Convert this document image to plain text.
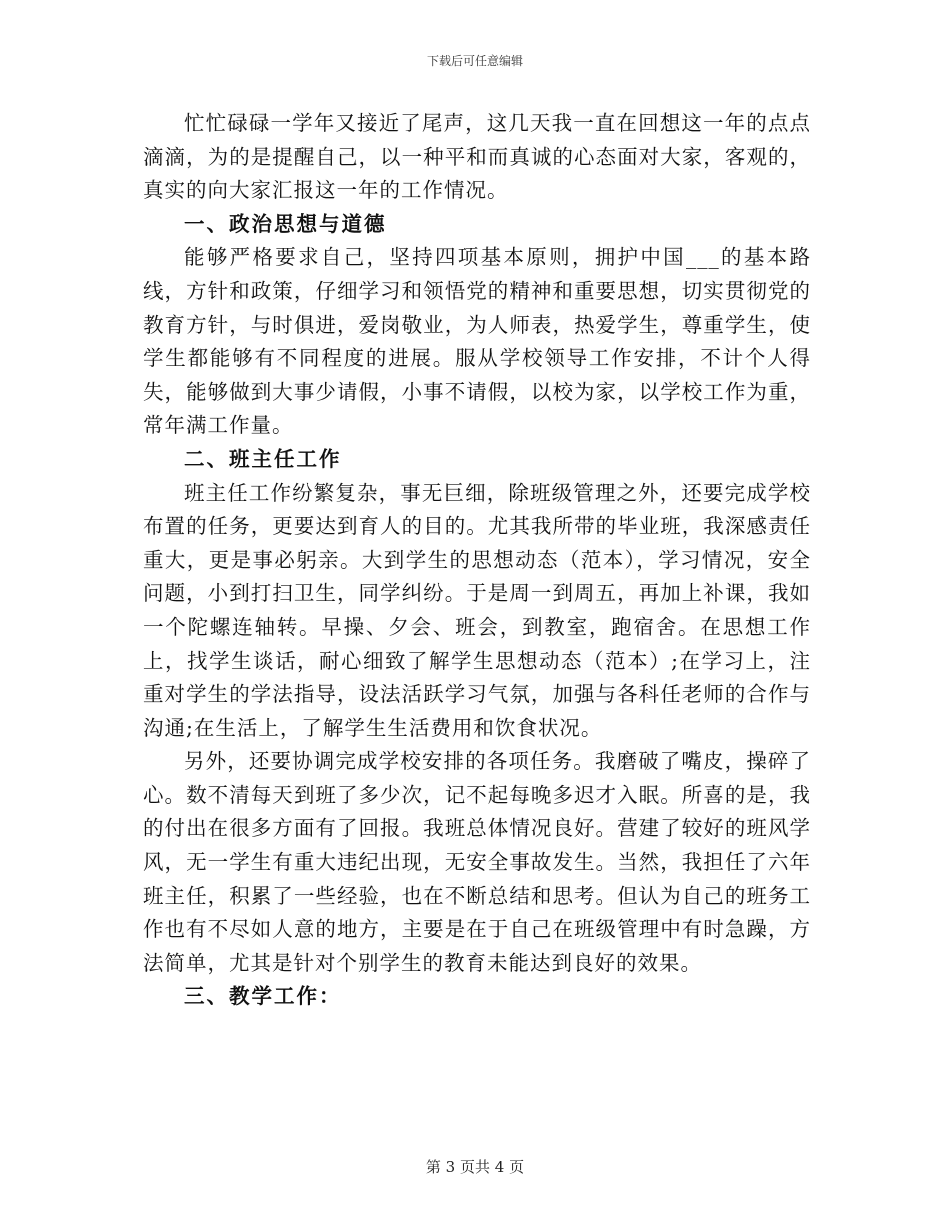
下载后可任意编辑

忙忙碌碌一学年又接近了尾声，这几天我一直在回想这一年的点点滴滴，为的是提醒自己，以一种平和而真诚的心态面对大家，客观的，真实的向大家汇报这一年的工作情况。

一、政治思想与道德

能够严格要求自己，坚持四项基本原则，拥护中国___的基本路线，方针和政策，仔细学习和领悟党的精神和重要思想，切实贯彻党的教育方针，与时俱进，爱岗敬业，为人师表，热爱学生，尊重学生，使学生都能够有不同程度的进展。服从学校领导工作安排，不计个人得失，能够做到大事少请假，小事不请假，以校为家，以学校工作为重，常年满工作量。

二、班主任工作

班主任工作纷繁复杂，事无巨细，除班级管理之外，还要完成学校布置的任务，更要达到育人的目的。尤其我所带的毕业班，我深感责任重大，更是事必躬亲。大到学生的思想动态（范本），学习情况，安全问题，小到打扫卫生，同学纠纷。于是周一到周五，再加上补课，我如一个陀螺连轴转。早操、夕会、班会，到教室，跑宿舍。在思想工作上，找学生谈话，耐心细致了解学生思想动态（范本）;在学习上，注重对学生的学法指导，设法活跃学习气氛，加强与各科任老师的合作与沟通;在生活上，了解学生生活费用和饮食状况。

另外，还要协调完成学校安排的各项任务。我磨破了嘴皮，操碎了心。数不清每天到班了多少次，记不起每晚多迟才入眠。所喜的是，我的付出在很多方面有了回报。我班总体情况良好。营建了较好的班风学风，无一学生有重大违纪出现，无安全事故发生。当然，我担任了六年班主任，积累了一些经验，也在不断总结和思考。但认为自己的班务工作也有不尽如人意的地方，主要是在于自己在班级管理中有时急躁，方法简单，尤其是针对个别学生的教育未能达到良好的效果。

三、教学工作：
第 3 页共 4 页
